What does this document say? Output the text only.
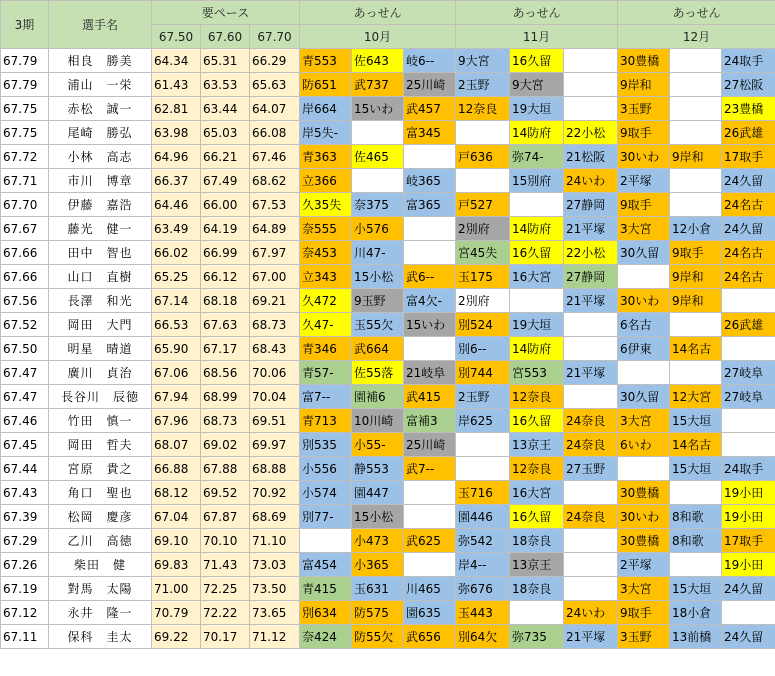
3期	選手名	要ペース			あっせん			あっせん			あっせん		
		67.50	67.60	67.70	10月			11月			12月		
67.79	相良　勝美	64.34	65.31	66.29	青553	佐643	岐6--	9大宮	16久留		30豊橋		24取手
67.79	浦山　一栄	61.43	63.53	65.63	防651	武737	25川崎	2玉野	9大宮		9岸和		27松阪
67.75	赤松　誠一	62.81	63.44	64.07	岸664	15いわ	武457	12奈良	19大垣		3玉野		23豊橋
67.75	尾崎　勝弘	63.98	65.03	66.08	岸5失-		富345		14防府	22小松	9取手		26武雄
67.72	小林　高志	64.96	66.21	67.46	青363	佐465		戸636	弥74-	21松阪	30いわ	9岸和	17取手
67.71	市川　博章	66.37	67.49	68.62	立366		岐365		15別府	24いわ	2平塚		24久留
67.70	伊藤　嘉浩	64.46	66.00	67.53	久35失	奈375	富365	戸527		27静岡	9取手		24名古
67.67	藤光　健一	63.49	64.19	64.89	奈555	小576		2別府	14防府	21平塚	3大宮	12小倉	24久留
67.66	田中　智也	66.02	66.99	67.97	奈453	川47-		宮45失	16久留	22小松	30久留	9取手	24名古
67.66	山口　直樹	65.25	66.12	67.00	立343	15小松	武6--	玉175	16大宮	27静岡		9岸和	24名古
67.56	長澤　和光	67.14	68.18	69.21	久472	9玉野	富4欠-	2別府		21平塚	30いわ	9岸和	
67.52	岡田　大門	66.53	67.63	68.73	久47-	玉55欠	15いわ	別524	19大垣		6名古		26武雄
67.50	明星　晴道	65.90	67.17	68.43	青346	武664		別6--	14防府		6伊東	14名古	
67.47	廣川　貞治	67.06	68.56	70.06	青57-	佐55落	21岐阜	別744	宮553	21平塚			27岐阜
67.47	長谷川　辰徳	67.94	68.99	70.04	富7--	園補6	武415	2玉野	12奈良		30久留	12大宮	27岐阜
67.46	竹田　慎一	67.96	68.73	69.51	青713	10川崎	富補3	岸625	16久留	24奈良	3大宮	15大垣	
67.45	岡田　哲夫	68.07	69.02	69.97	別535	小55-	25川崎		13京王	24奈良	6いわ	14名古	
67.44	宮原　貴之	66.88	67.88	68.88	小556	静553	武7--		12奈良	27玉野		15大垣	24取手
67.43	角口　聖也	68.12	69.52	70.92	小574	園447		玉716	16大宮		30豊橋		19小田
67.39	松岡　慶彦	67.04	67.87	68.69	別77-	15小松		園446	16久留	24奈良	30いわ	8和歌	19小田
67.29	乙川　高徳	69.10	70.10	71.10		小473	武625	弥542	18奈良		30豊橋	8和歌	17取手
67.26	柴田　健	69.83	71.43	73.03	富454	小365		岸4--	13京王		2平塚		19小田
67.19	對馬　太陽	71.00	72.25	73.50	青415	玉631	川465	弥676	18奈良		3大宮	15大垣	24久留
67.12	永井　隆一	70.79	72.22	73.65	別634	防575	園635	玉443		24いわ	9取手	18小倉	
67.11	保科　圭太	69.22	70.17	71.12	奈424	防55欠	武656	別64欠	弥735	21平塚	3玉野	13前橋	24久留
